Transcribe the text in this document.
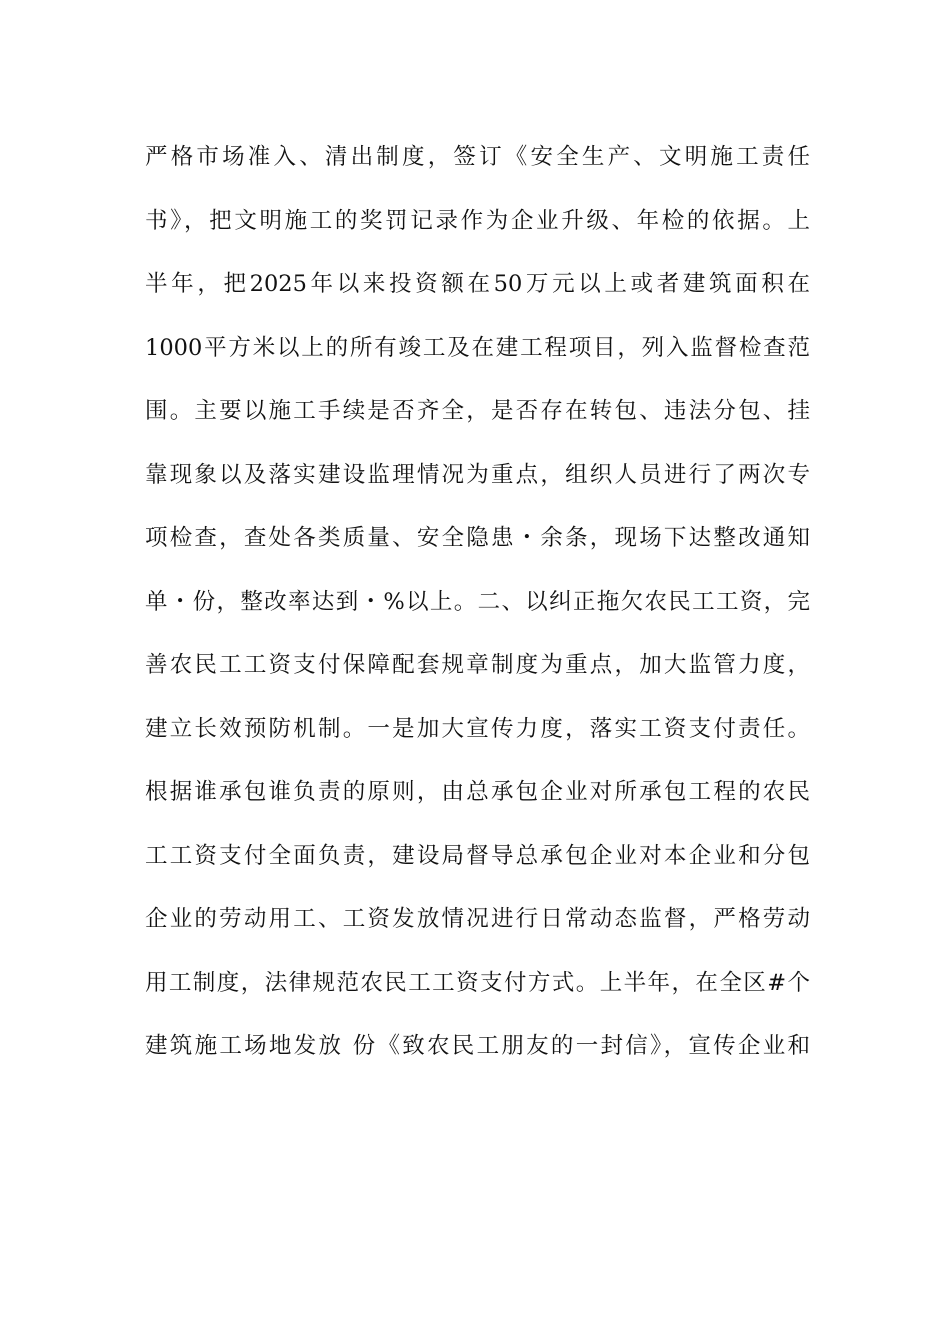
严格市场准入、清出制度，签订《安全生产、文明施工责任
书》，把文明施工的奖罚记录作为企业升级、年检的依据。上
半年，把2025年以来投资额在50万元以上或者建筑面积在
1000平方米以上的所有竣工及在建工程项目，列入监督检查范
围。主要以施工手续是否齐全，是否存在转包、违法分包、挂
靠现象以及落实建设监理情况为重点，组织人员进行了两次专
项检查，查处各类质量、安全隐患・余条，现场下达整改通知
单・份，整改率达到・%以上。二、以纠正拖欠农民工工资，完
善农民工工资支付保障配套规章制度为重点，加大监管力度，
建立长效预防机制。一是加大宣传力度，落实工资支付责任。
根据谁承包谁负责的原则，由总承包企业对所承包工程的农民
工工资支付全面负责，建设局督导总承包企业对本企业和分包
企业的劳动用工、工资发放情况进行日常动态监督，严格劳动
用工制度，法律规范农民工工资支付方式。上半年，在全区#个
建筑施工场地发放 份《致农民工朋友的一封信》，宣传企业和
